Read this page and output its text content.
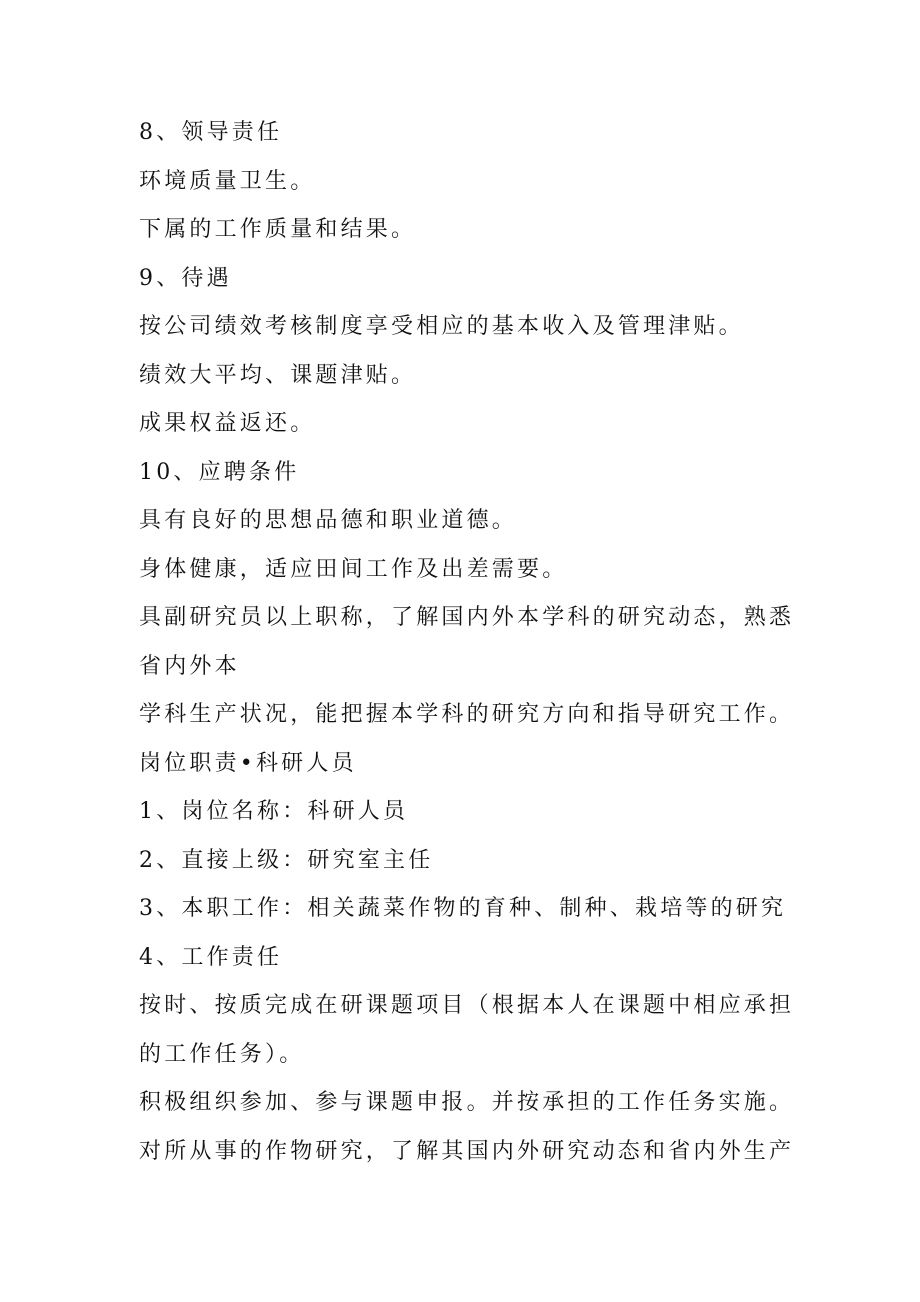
8、领导责任
环境质量卫生。
下属的工作质量和结果。
9、待遇
按公司绩效考核制度享受相应的基本收入及管理津贴。
绩效大平均、课题津贴。
成果权益返还。
10、应聘条件
具有良好的思想品德和职业道德。
身体健康，适应田间工作及出差需要。
具副研究员以上职称，了解国内外本学科的研究动态，熟悉
省内外本
学科生产状况，能把握本学科的研究方向和指导研究工作。
岗位职责•科研人员
1、岗位名称：科研人员
2、直接上级：研究室主任
3、本职工作：相关蔬菜作物的育种、制种、栽培等的研究
4、工作责任
按时、按质完成在研课题项目（根据本人在课题中相应承担
的工作任务）。
积极组织参加、参与课题申报。并按承担的工作任务实施。
对所从事的作物研究，了解其国内外研究动态和省内外生产
